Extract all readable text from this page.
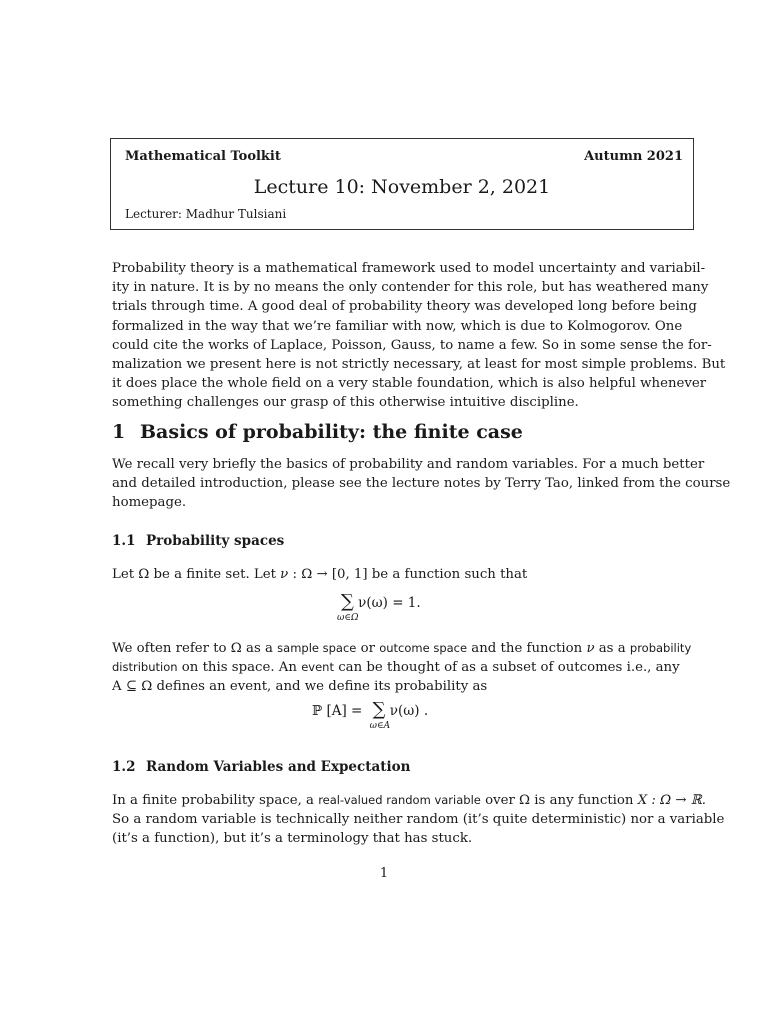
Mathematical Toolkit	Autumn 2021
Lecture 10: November 2, 2021
Lecturer: Madhur Tulsiani
Probability theory is a mathematical framework used to model uncertainty and variabil-
ity in nature. It is by no means the only contender for this role, but has weathered many
trials through time. A good deal of probability theory was developed long before being
formalized in the way that we’re familiar with now, which is due to Kolmogorov. One
could cite the works of Laplace, Poisson, Gauss, to name a few. So in some sense the for-
malization we present here is not strictly necessary, at least for most simple problems. But
it does place the whole field on a very stable foundation, which is also helpful whenever
something challenges our grasp of this otherwise intuitive discipline.
1 Basics of probability: the finite case
We recall very briefly the basics of probability and random variables. For a much better
and detailed introduction, please see the lecture notes by Terry Tao, linked from the course
homepage.
1.1 Probability spaces
Let Ω be a finite set. Let ν : Ω → [0, 1] be a function such that
∑
ω∈Ω
ν(ω) = 1.
We often refer to Ω as a sample space or outcome space and the function ν as a probability
distribution on this space. An event can be thought of as a subset of outcomes i.e., any
A ⊆ Ω defines an event, and we define its probability as
ℙ [A] = ∑
ω∈A
ν(ω) .
1.2 Random Variables and Expectation
In a finite probability space, a real-valued random variable over Ω is any function X : Ω → ℝ.
So a random variable is technically neither random (it’s quite deterministic) nor a variable
(it’s a function), but it’s a terminology that has stuck.
1
